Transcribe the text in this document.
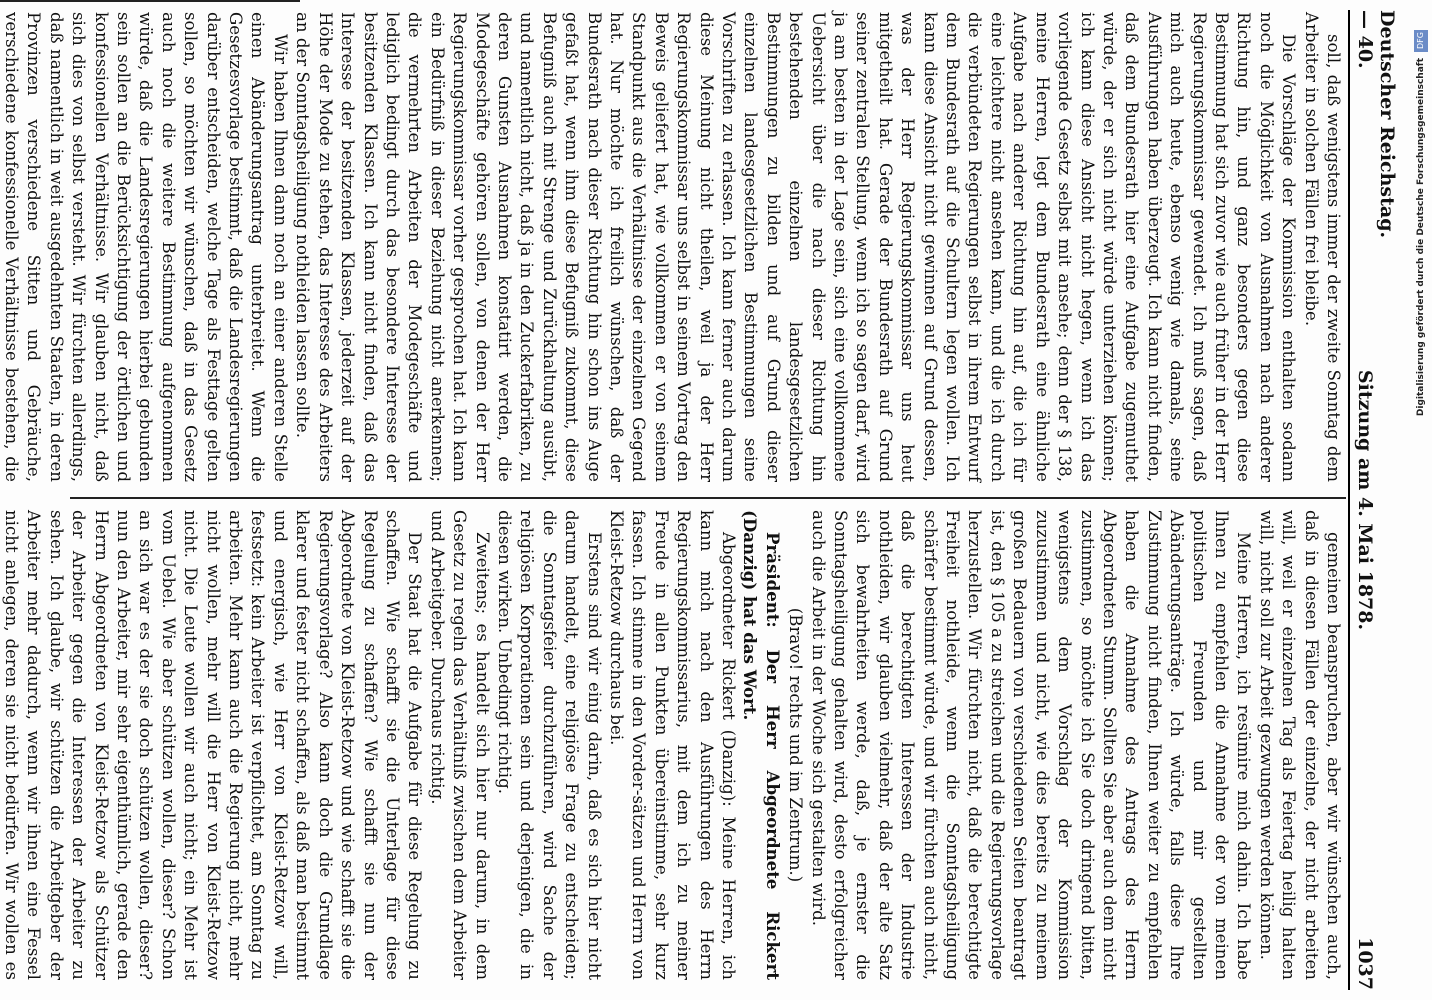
Deutscher Reichstag. — 40.
Sitzung am 4. Mai 1878.
1037

soll, daß wenigstens immer der zweite Sonntag dem Arbeiter in solchen Fällen frei bleibe.

Die Vorschläge der Kommission enthalten sodann noch die Möglichkeit von Ausnahmen nach anderer Richtung hin, und ganz besonders gegen diese Bestimmung hat sich zuvor wie auch früher in der Herr Regierungskommissar gewendet. Ich muß sagen, daß mich auch heute, ebenso wenig wie damals, seine Ausführungen haben überzeugt. Ich kann nicht finden, daß dem Bundesrath hier eine Aufgabe zugemuthet würde, der er sich nicht würde unterziehen können; ich kann diese Ansicht nicht hegen, wenn ich das vorliegende Gesetz selbst mit ansehe; denn der § 138, meine Herren, legt dem Bundesrath eine ähnliche Aufgabe nach anderer Richtung hin auf, die ich für eine leichtere nicht ansehen kann, und die ich durch die verbündeten Regierungen selbst in ihrem Entwurf dem Bundesrath auf die Schultern legen wollen. Ich kann diese Ansicht nicht gewinnen auf Grund dessen, was der Herr Regierungskommissar uns heut mitgetheilt hat. Gerade der Bundesrath auf Grund seiner zentralen Stellung, wenn ich so sagen darf, wird ja am besten in der Lage sein, sich eine vollkommene Uebersicht über die nach dieser Richtung hin bestehenden einzelnen landesgesetzlichen Bestimmungen zu bilden und auf Grund dieser einzelnen landesgesetzlichen Bestimmungen seine Vorschriften zu erlassen. Ich kann ferner auch darum diese Meinung nicht theilen, weil ja der Herr Regierungskommissar uns selbst in seinem Vortrag den Beweis geliefert hat, wie vollkommen er von seinem Standpunkt aus die Verhältnisse der einzelnen Gegend hat. Nur möchte ich freilich wünschen, daß der Bundesrath nach dieser Richtung hin schon ins Auge gefaßt hat, wenn ihm diese Befugniß zukommt, diese Befugniß auch mit Strenge und Zurückhaltung ausübt, und namentlich nicht, daß ja in den Zuckerfabriken, zu deren Gunsten Ausnahmen konstatirt werden, die Modegeschäfte gehören sollen, von denen der Herr Regierungskommissar vorher gesprochen hat. Ich kann ein Bedürfniß in dieser Beziehung nicht anerkennen; die vermehrten Arbeiten der Modegeschäfte und lediglich bedingt durch das besondere Interesse der besitzenden Klassen. Ich kann nicht finden, daß das Interesse der besitzenden Klassen, jederzeit auf der Höhe der Mode zu stehen, das Interesse des Arbeiters an der Sonntagsheiligung nothleiden lassen sollte.

Wir haben Ihnen dann noch an einer anderen Stelle einen Abänderungsantrag unterbreitet. Wenn die Gesetzesvorlage bestimmt, daß die Landesregierungen darüber entscheiden, welche Tage als Festtage gelten sollen, so möchten wir wünschen, daß in das Gesetz auch noch die weitere Bestimmung aufgenommen würde, daß die Landesregierungen hierbei gebunden sein sollen an die Berücksichtigung der örtlichen und konfessionellen Verhältnisse. Wir glauben nicht, daß sich dies von selbst versteht. Wir fürchten allerdings, daß namentlich in weit ausgedehnten Staaten, in deren Provinzen verschiedene Sitten und Gebräuche, verschiedene konfessionelle Verhältnisse bestehen, die

gemeinen beanspruchen, aber wir wünschen auch, daß in diesen Fällen der einzelne, der nicht arbeiten will, weil er einzelnen Tag als Feiertag heilig halten will, nicht soll zur Arbeit gezwungen werden können.

Meine Herren, ich resümire mich dahin. Ich habe Ihnen zu empfehlen die Annahme der von meinen politischen Freunden und mir gestellten Abänderungsanträge. Ich würde, falls diese Ihre Zustimmung nicht finden, Ihnen weiter zu empfehlen haben die Annahme des Antrags des Herrn Abgeordneten Stumm. Sollten Sie aber auch dem nicht zustimmen, so möchte ich Sie doch dringend bitten, wenigstens dem Vorschlag der Kommission zuzustimmen und nicht, wie dies bereits zu meinem großen Bedauern von verschiedenen Seiten beantragt ist, den § 105 a zu streichen und die Regierungsvorlage herzustellen. Wir fürchten nicht, daß die berechtigte Freiheit nothleide, wenn die Sonntagsheiligung schärfer bestimmt würde, und wir fürchten auch nicht, daß die berechtigten Interessen der Industrie nothleiden, wir glauben vielmehr, daß der alte Satz sich bewahrheiten werde, daß, je ernster die Sonntagsheiligung gehalten wird, desto erfolgreicher auch die Arbeit in der Woche sich gestalten wird.

(Bravo! rechts und im Zentrum.)

Präsident: Der Herr Abgeordnete Rickert (Danzig) hat das Wort.

Abgeordneter Rickert (Danzig): Meine Herren, ich kann mich nach den Ausführungen des Herrn Regierungskommissarius, mit dem ich zu meiner Freude in allen Punkten übereinstimme, sehr kurz fassen. Ich stimme in den Vorder-sätzen und Herrn von Kleist-Retzow durchaus bei.

Erstens sind wir einig darin, daß es sich hier nicht darum handelt, eine religiöse Frage zu entscheiden; die Sonntagsfeier durchzuführen, wird Sache der religiösen Korporationen sein und derjenigen, die in diesen wirken. Unbedingt richtig.

Zweitens; es handelt sich hier nur darum, in dem Gesetz zu regeln das Verhältniß zwischen dem Arbeiter und Arbeitgeber. Durchaus richtig.

Der Staat hat die Aufgabe für diese Regelung zu schaffen. Wie schafft sie die Unterlage für diese Regelung zu schaffen? Wie schafft sie nun der Abgeordnete von Kleist-Retzow und wie schafft sie die Regierungsvorlage? Also kann doch die Grundlage klarer und fester nicht schaffen, als daß man bestimmt und energisch, wie Herr von Kleist-Retzow will, festsetzt: kein Arbeiter ist verpflichtet, am Sonntag zu arbeiten. Mehr kann auch die Regierung nicht, mehr nicht wollen, mehr will die Herr von Kleist-Retzow nicht. Die Leute wollen wir auch nicht; ein Mehr ist vom Uebel. Wie aber schützen wollen, dieser? Schon an sich war es der sie doch schützen wollen, dieser? nun den Arbeiter, mir sehr eigenthümlich, gerade den Herrn Abgeordneten von Kleist-Retzow als Schützer der Arbeiter gegen die Interessen der Arbeiter zu sehen. Ich glaube, wir schützen die Arbeitgeber der Arbeiter mehr dadurch, wenn wir ihnen eine Fessel nicht anlegen, deren sie nicht bedürfen. Wir wollen es

DFG
Digitalisierung gefördert durch die Deutsche Forschungsgemeinschaft
